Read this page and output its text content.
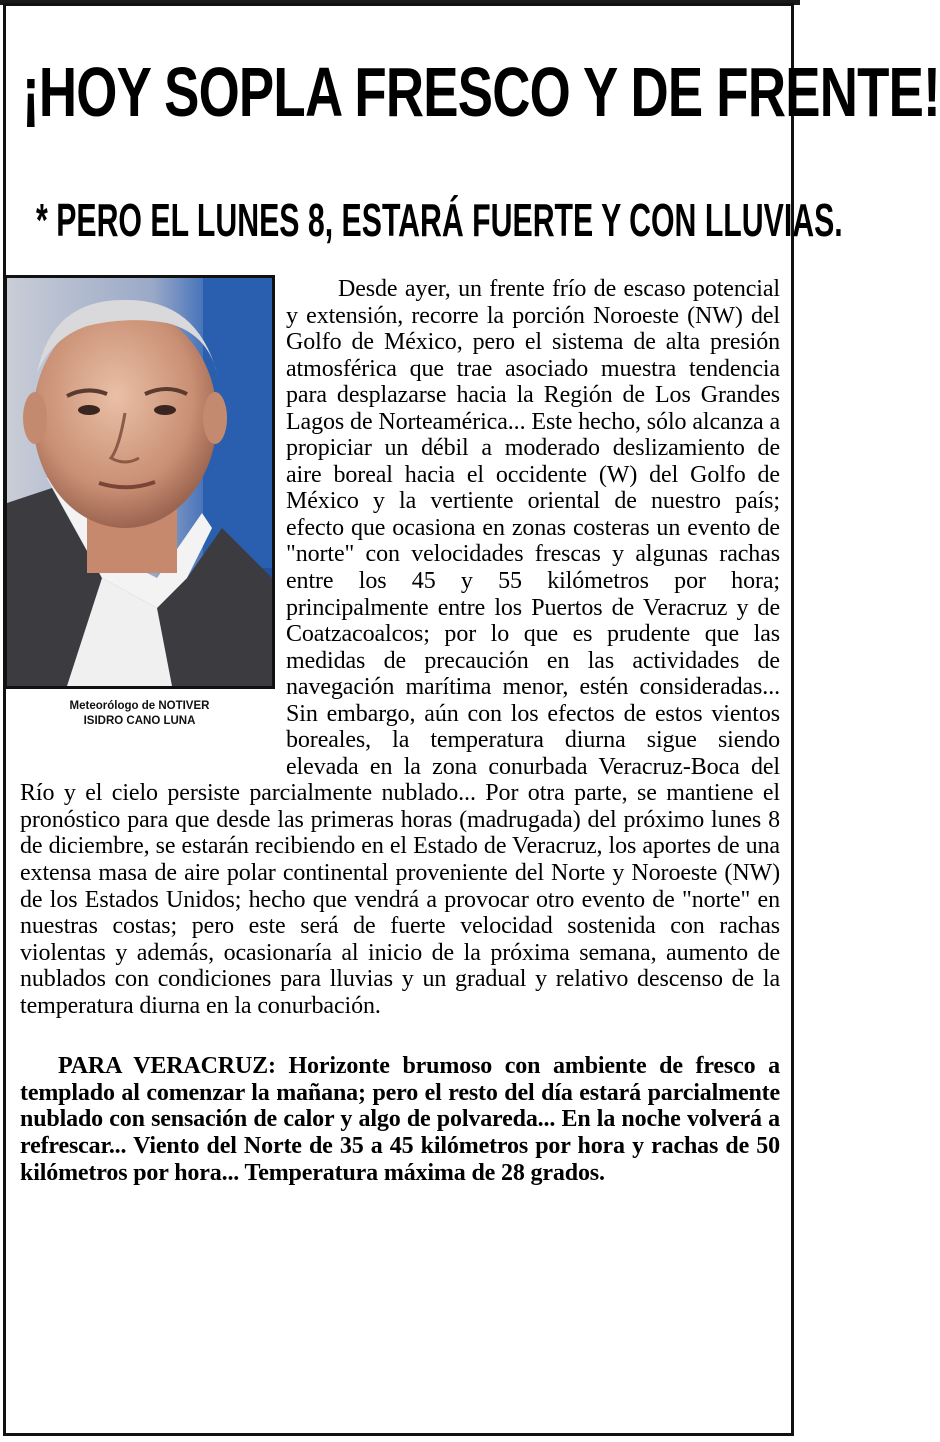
¡HOY SOPLA FRESCO Y DE FRENTE!
* PERO EL LUNES 8, ESTARÁ FUERTE Y CON LLUVIAS.
Meteorólogo de NOTIVER
ISIDRO CANO LUNA

Desde ayer, un frente frío de escaso potencial y extensión, recorre la porción Noroeste (NW) del Golfo de México, pero el sistema de alta presión atmosférica que trae asociado muestra tendencia para desplazarse hacia la Región de Los Grandes Lagos de Norteamérica... Este hecho, sólo alcanza a propiciar un débil a moderado deslizamiento de aire boreal hacia el occidente (W) del Golfo de México y la vertiente oriental de nuestro país; efecto que ocasiona en zonas costeras un evento de "norte" con velocidades frescas y algunas rachas entre los 45 y 55 kilómetros por hora; principalmente entre los Puertos de Veracruz y de Coatzacoalcos; por lo que es prudente que las medidas de precaución en las actividades de navegación marítima menor, estén consideradas... Sin embargo, aún con los efectos de estos vientos boreales, la temperatura diurna sigue siendo elevada en la zona conurbada Veracruz-Boca del Río y el cielo persiste parcialmente nublado... Por otra parte, se mantiene el pronóstico para que desde las primeras horas (madrugada) del próximo lunes 8 de diciembre, se estarán recibiendo en el Estado de Veracruz, los aportes de una extensa masa de aire polar continental proveniente del Norte y Noroeste (NW) de los Estados Unidos; hecho que vendrá a provocar otro evento de "norte" en nuestras costas; pero este será de fuerte velocidad sostenida con rachas violentas y además, ocasionaría al inicio de la próxima semana, aumento de nublados con condiciones para lluvias y un gradual y relativo descenso de la temperatura diurna en la conurbación.

PARA VERACRUZ: Horizonte brumoso con ambiente de fresco a templado al comenzar la mañana; pero el resto del día estará parcialmente nublado con sensación de calor y algo de polvareda... En la noche volverá a refrescar... Viento del Norte de 35 a 45 kilómetros por hora y rachas de 50 kilómetros por hora... Temperatura máxima de 28 grados.
